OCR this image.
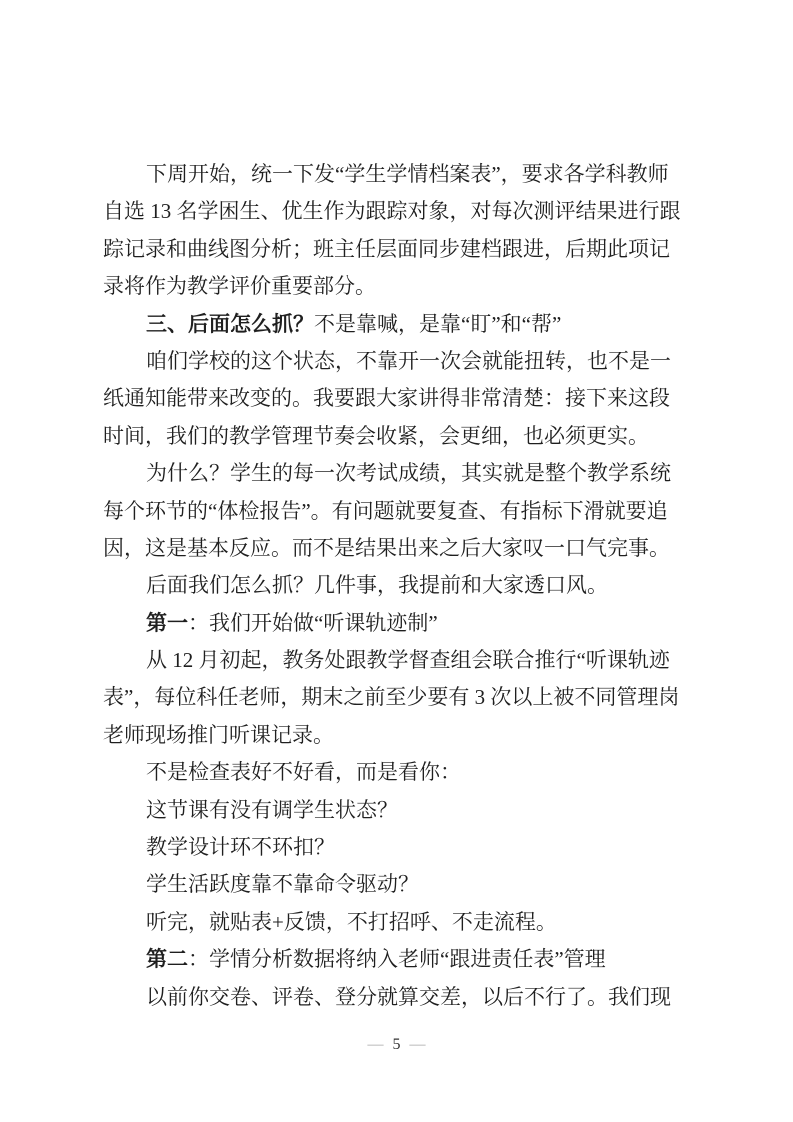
下周开始，统一下发“学生学情档案表”，要求各学科教师
自选 13 名学困生、优生作为跟踪对象，对每次测评结果进行跟
踪记录和曲线图分析；班主任层面同步建档跟进，后期此项记
录将作为教学评价重要部分。
三、后面怎么抓？不是靠喊，是靠“盯”和“帮”
咱们学校的这个状态，不靠开一次会就能扭转，也不是一
纸通知能带来改变的。我要跟大家讲得非常清楚：接下来这段
时间，我们的教学管理节奏会收紧，会更细，也必须更实。
为什么？学生的每一次考试成绩，其实就是整个教学系统
每个环节的“体检报告”。有问题就要复查、有指标下滑就要追
因，这是基本反应。而不是结果出来之后大家叹一口气完事。
后面我们怎么抓？几件事，我提前和大家透口风。
第一：我们开始做“听课轨迹制”
从 12 月初起，教务处跟教学督查组会联合推行“听课轨迹
表”，每位科任老师，期末之前至少要有 3 次以上被不同管理岗
老师现场推门听课记录。
不是检查表好不好看，而是看你：
这节课有没有调学生状态？
教学设计环不环扣？
学生活跃度靠不靠命令驱动？
听完，就贴表+反馈，不打招呼、不走流程。
第二：学情分析数据将纳入老师“跟进责任表”管理
以前你交卷、评卷、登分就算交差，以后不行了。我们现
— 5 —
